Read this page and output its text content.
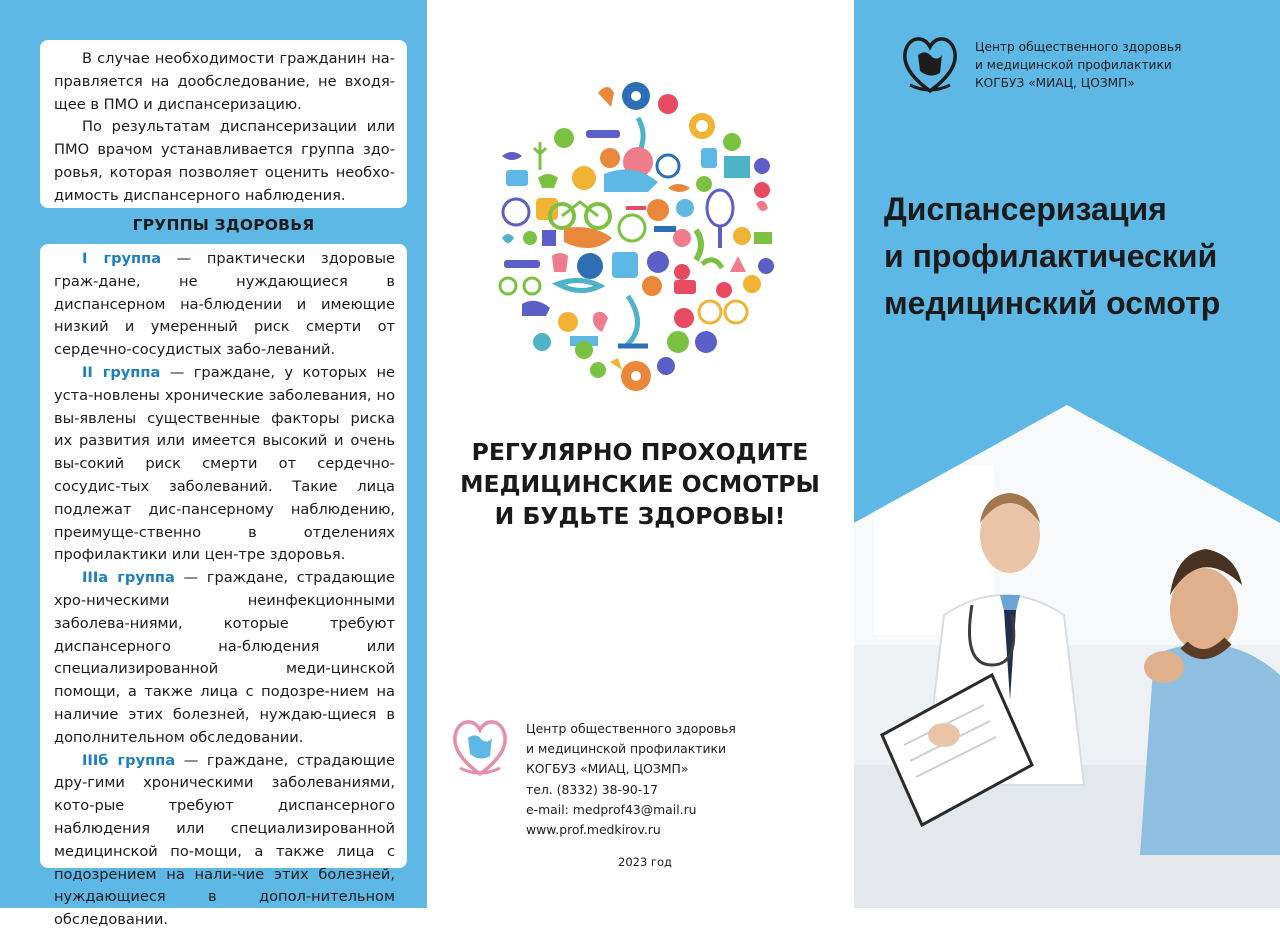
В случае необходимости гражданин на-правляется на дообследование, не входя-щее в ПМО и диспансеризацию.

По результатам диспансеризации или ПМО врачом устанавливается группа здо-ровья, которая позволяет оценить необхо-димость диспансерного наблюдения.

ГРУППЫ ЗДОРОВЬЯ

I группа — практически здоровые граж-дане, не нуждающиеся в диспансерном на-блюдении и имеющие низкий и умеренный риск смерти от сердечно-сосудистых забо-леваний.

II группа — граждане, у которых не уста-новлены хронические заболевания, но вы-явлены существенные факторы риска их развития или имеется высокий и очень вы-сокий риск смерти от сердечно-сосудис-тых заболеваний. Такие лица подлежат дис-пансерному наблюдению, преимуще-ственно в отделениях профилактики или цен-тре здоровья.

IIIа группа — граждане, страдающие хро-ническими неинфекционными заболева-ниями, которые требуют диспансерного на-блюдения или специализированной меди-цинской помощи, а также лица с подозре-нием на наличие этих болезней, нуждаю-щиеся в дополнительном обследовании.

IIIб группа — граждане, страдающие дру-гими хроническими заболеваниями, кото-рые требуют диспансерного наблюдения или специализированной медицинской по-мощи, а также лица с подозрением на нали-чие этих болезней, нуждающиеся в допол-нительном обследовании.

РЕГУЛЯРНО ПРОХОДИТЕ
МЕДИЦИНСКИЕ ОСМОТРЫ
И БУДЬТЕ ЗДОРОВЫ!
Центр общественного здоровья
и медицинской профилактики
КОГБУЗ «МИАЦ, ЦОЗМП»
тел. (8332) 38-90-17
e-mail: medprof43@mail.ru
www.prof.medkirov.ru
2023 год
Центр общественного здоровья
и медицинской профилактики
КОГБУЗ «МИАЦ, ЦОЗМП»
Диспансеризация
и профилактический
медицинский осмотр
